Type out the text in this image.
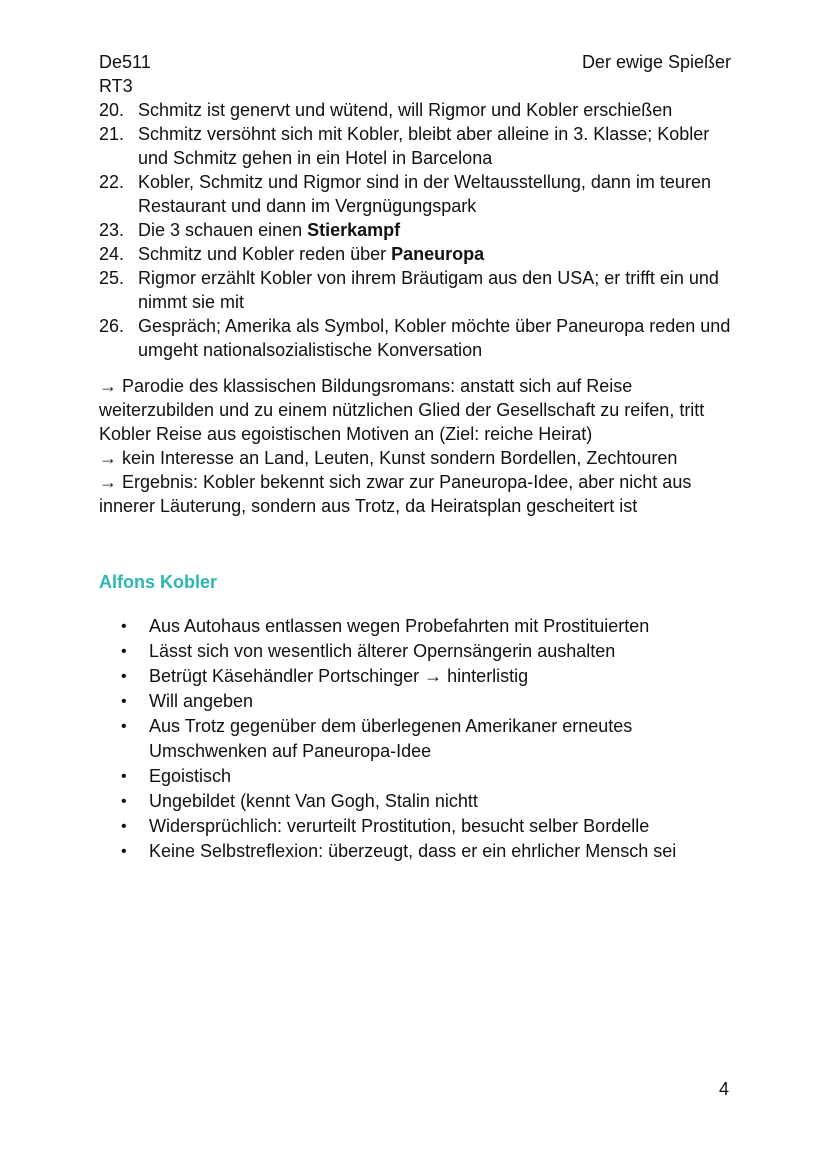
De511
RT3
Der ewige Spießer
20. Schmitz ist genervt und wütend, will Rigmor und Kobler erschießen
21. Schmitz versöhnt sich mit Kobler, bleibt aber alleine in 3. Klasse; Kobler und Schmitz gehen in ein Hotel in Barcelona
22. Kobler, Schmitz und Rigmor sind in der Weltausstellung, dann im teuren Restaurant und dann im Vergnügungspark
23. Die 3 schauen einen Stierkampf
24. Schmitz und Kobler reden über Paneuropa
25. Rigmor erzählt Kobler von ihrem Bräutigam aus den USA; er trifft ein und nimmt sie mit
26. Gespräch; Amerika als Symbol, Kobler möchte über Paneuropa reden und umgeht nationalsozialistische Konversation

→ Parodie des klassischen Bildungsromans: anstatt sich auf Reise weiterzubilden und zu einem nützlichen Glied der Gesellschaft zu reifen, tritt Kobler Reise aus egoistischen Motiven an (Ziel: reiche Heirat)

→ kein Interesse an Land, Leuten, Kunst sondern Bordellen, Zechtouren

→ Ergebnis: Kobler bekennt sich zwar zur Paneuropa-Idee, aber nicht aus innerer Läuterung, sondern aus Trotz, da Heiratsplan gescheitert ist

Alfons Kobler
•	Aus Autohaus entlassen wegen Probefahrten mit Prostituierten
•	Lässt sich von wesentlich älterer Opernsängerin aushalten
•	Betrügt Käsehändler Portschinger → hinterlistig
•	Will angeben
•	Aus Trotz gegenüber dem überlegenen Amerikaner erneutes Umschwenken auf Paneuropa-Idee
•	Egoistisch
•	Ungebildet (kennt Van Gogh, Stalin nichtt
•	Widersprüchlich: verurteilt Prostitution, besucht selber Bordelle
•	Keine Selbstreflexion: überzeugt, dass er ein ehrlicher Mensch sei
4
